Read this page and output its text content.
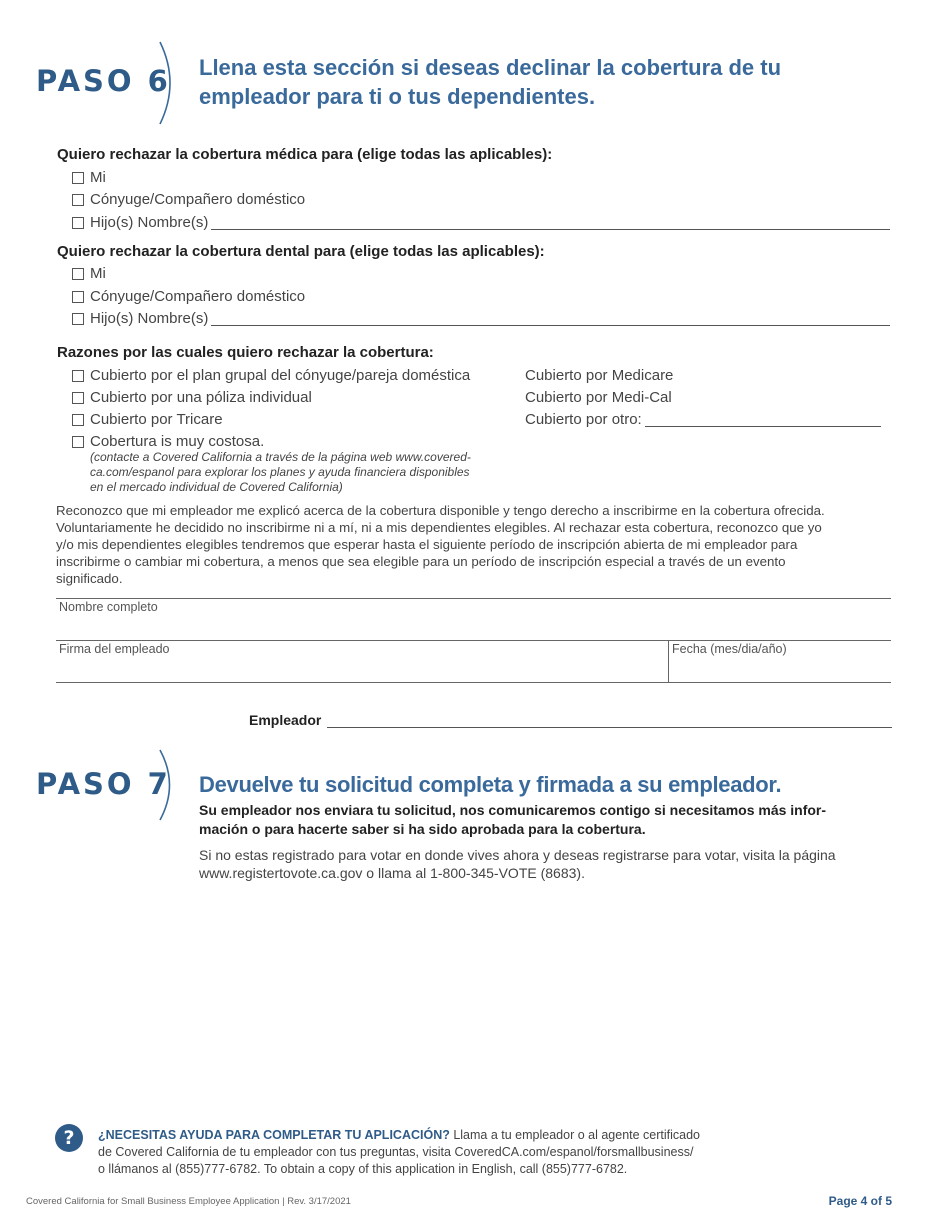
PASO 6 Llena esta sección si deseas declinar la cobertura de tu
empleador para ti o tus dependientes.
Quiero rechazar la cobertura médica para (elige todas las aplicables):
Mi
Cónyuge/Compañero doméstico
Hijo(s) Nombre(s)
Quiero rechazar la cobertura dental para (elige todas las aplicables):
Mi
Cónyuge/Compañero doméstico
Hijo(s) Nombre(s)
Razones por las cuales quiero rechazar la cobertura:
Cubierto por el plan grupal del cónyuge/pareja doméstica
Cubierto por una póliza individual
Cubierto por Tricare
Cobertura is muy costosa.
(contacte a Covered California a través de la página web www.covered-
ca.com/espanol para explorar los planes y ayuda financiera disponibles
en el mercado individual de Covered California)
Cubierto por Medicare
Cubierto por Medi-Cal
Cubierto por otro:
Reconozco que mi empleador me explicó acerca de la cobertura disponible y tengo derecho a inscribirme en la cobertura ofrecida.
Voluntariamente he decidido no inscribirme ni a mí, ni a mis dependientes elegibles. Al rechazar esta cobertura, reconozco que yo
y/o mis dependientes elegibles tendremos que esperar hasta el siguiente período de inscripción abierta de mi empleador para
inscribirme o cambiar mi cobertura, a menos que sea elegible para un período de inscripción especial a través de un evento
significado.
Nombre completo
Firma del empleado	Fecha (mes/dia/año)
Empleador
PASO 7 Devuelve tu solicitud completa y firmada a su empleador.
Su empleador nos enviara tu solicitud, nos comunicaremos contigo si necesitamos más infor-
mación o para hacerte saber si ha sido aprobada para la cobertura.
Si no estas registrado para votar en donde vives ahora y deseas registrarse para votar, visita la página
www.registertovote.ca.gov o llama al 1-800-345-VOTE (8683).
?	¿NECESITAS AYUDA PARA COMPLETAR TU APLICACIÓN? Llama a tu empleador o al agente certificado
de Covered California de tu empleador con tus preguntas, visita CoveredCA.com/espanol/forsmallbusiness/
o llámanos al (855)777-6782. To obtain a copy of this application in English, call (855)777-6782.
Covered California for Small Business Employee Application | Rev. 3/17/2021	Page 4 of 5
